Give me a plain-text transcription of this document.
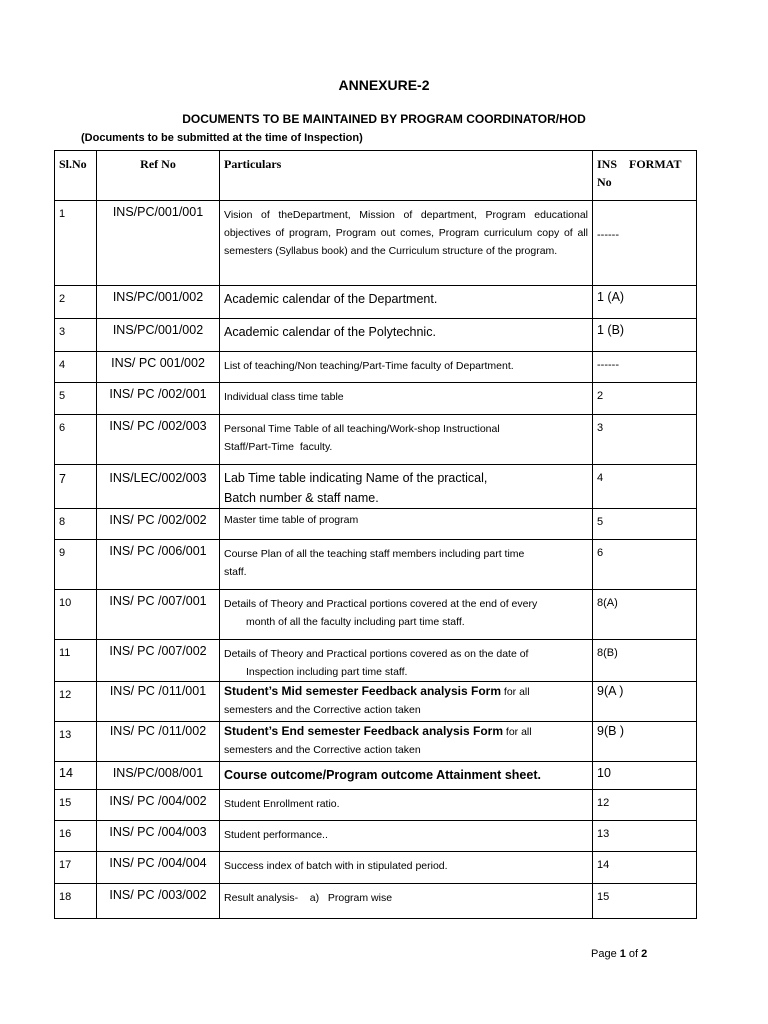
ANNEXURE-2
DOCUMENTS TO BE MAINTAINED BY PROGRAM COORDINATOR/HOD
(Documents to be submitted at the time of Inspection)
Sl.No	Ref No	Particulars	INS    FORMAT
No

1	INS/PC/001/001	Vision of theDepartment, Mission of department, Program educational objectives of program, Program out comes, Program curriculum copy of all semesters (Syllabus book) and the Curriculum structure of the program.	------
2	INS/PC/001/002	Academic calendar of the Department.	1 (A)
3	INS/PC/001/002	Academic calendar of the Polytechnic.	1 (B)
4	INS/ PC 001/002	List of teaching/Non teaching/Part-Time faculty of Department.	------
5	INS/ PC /002/001	Individual class time table	2
6	INS/ PC /002/003	Personal Time Table of all teaching/Work-shop Instructional
Staff/Part-Time  faculty.	3
7	INS/LEC/002/003	Lab Time table indicating Name of the practical,
Batch number & staff name.	4
8	INS/ PC /002/002	Master time table of program	5
9	INS/ PC /006/001	Course Plan of all the teaching staff members including part time
staff.	6
10	INS/ PC /007/001	Details of Theory and Practical portions covered at the end of every
month of all the faculty including part time staff.	8(A)
11	INS/ PC /007/002	Details of Theory and Practical portions covered as on the date of
Inspection including part time staff.	8(B)
12	INS/ PC /011/001	Student’s Mid semester Feedback analysis Form for all
semesters and the Corrective action taken	9(A )
13	INS/ PC /011/002	Student’s End semester Feedback analysis Form for all
semesters and the Corrective action taken	9(B )
14	INS/PC/008/001	Course outcome/Program outcome Attainment sheet.	10
15	INS/ PC /004/002	Student Enrollment ratio.	12
16	INS/ PC /004/003	Student performance..	13
17	INS/ PC /004/004	Success index of batch with in stipulated period.	14
18	INS/ PC /003/002	Result analysis-    a)   Program wise	15
Page 1 of 2
